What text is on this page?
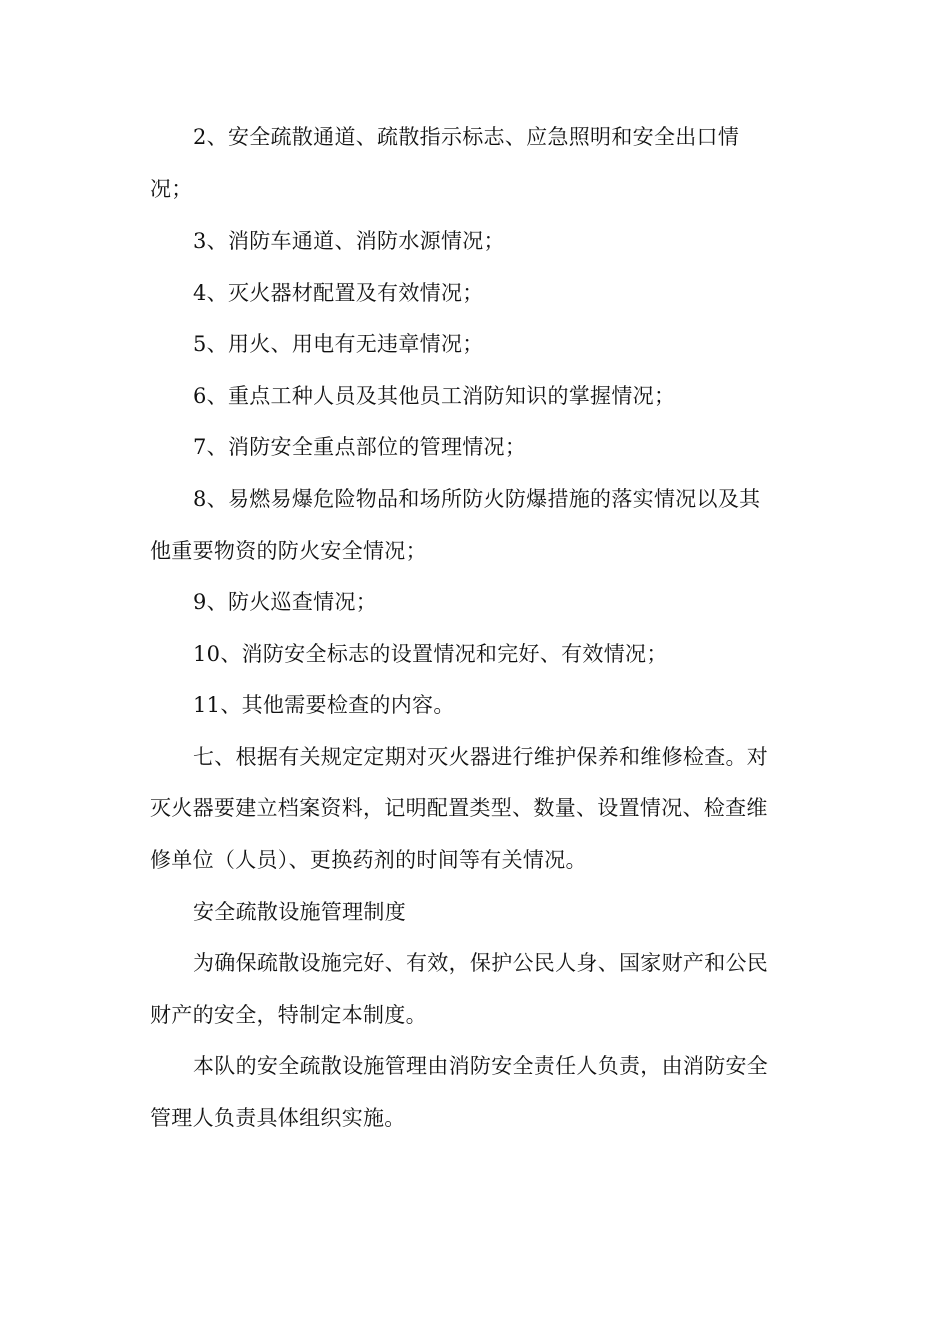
2、安全疏散通道、疏散指示标志、应急照明和安全出口情

况；

3、消防车通道、消防水源情况；

4、灭火器材配置及有效情况；

5、用火、用电有无违章情况；

6、重点工种人员及其他员工消防知识的掌握情况；

7、消防安全重点部位的管理情况；

8、易燃易爆危险物品和场所防火防爆措施的落实情况以及其

他重要物资的防火安全情况；

9、防火巡查情况；

10、消防安全标志的设置情况和完好、有效情况；

11、其他需要检查的内容。

七、根据有关规定定期对灭火器进行维护保养和维修检查。对

灭火器要建立档案资料，记明配置类型、数量、设置情况、检查维

修单位（人员）、更换药剂的时间等有关情况。

安全疏散设施管理制度

为确保疏散设施完好、有效，保护公民人身、国家财产和公民

财产的安全，特制定本制度。

本队的安全疏散设施管理由消防安全责任人负责，由消防安全

管理人负责具体组织实施。
